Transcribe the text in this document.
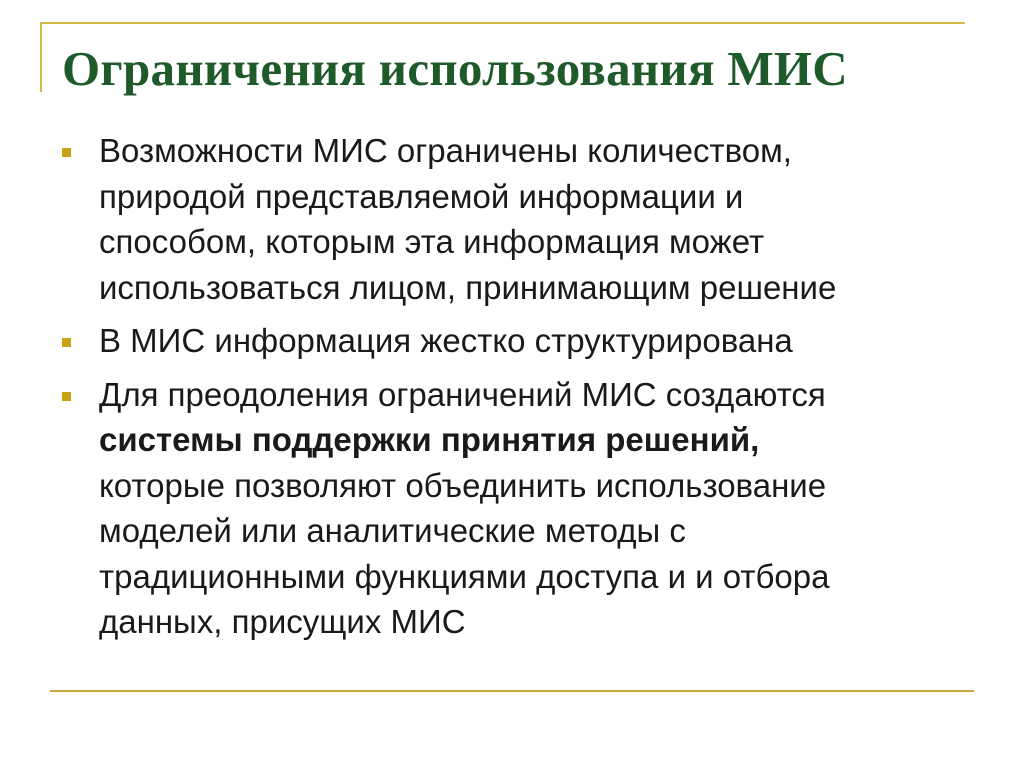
Ограничения использования МИС
Возможности МИС ограничены количеством,
природой представляемой информации и
способом, которым эта информация может
использоваться лицом, принимающим решение
В МИС информация жестко структурирована
Для преодоления ограничений МИС создаются
системы поддержки принятия решений,
которые позволяют объединить использование
моделей или аналитические методы с
традиционными функциями доступа и и отбора
данных, присущих МИС
